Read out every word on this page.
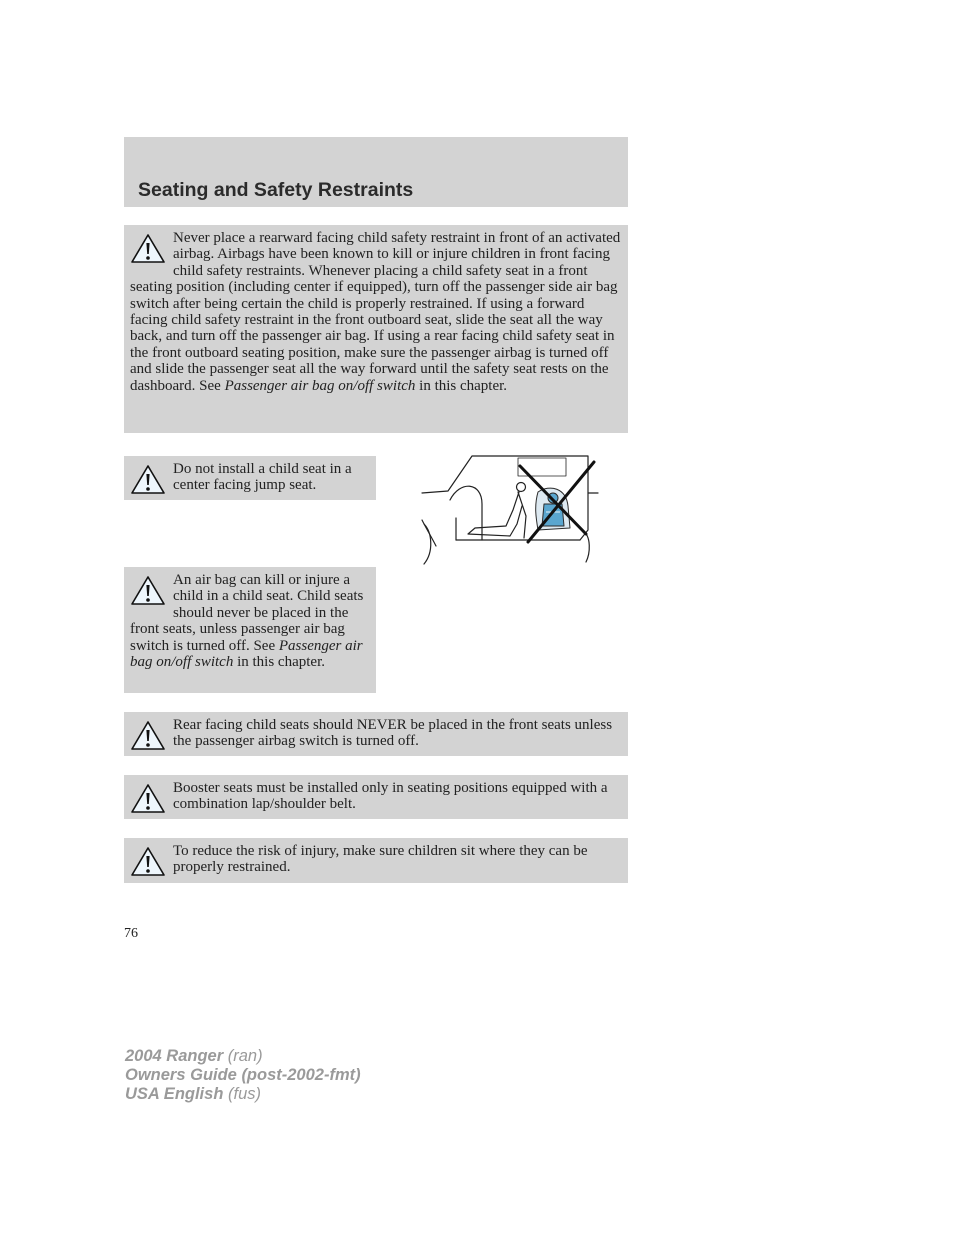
Seating and Safety Restraints

Never place a rearward facing child safety restraint in front of an activated airbag. Airbags have been known to kill or injure children in front facing child safety restraints. Whenever placing a child safety seat in a front seating position (including center if equipped), turn off the passenger side air bag switch after being certain the child is properly restrained. If using a forward facing child safety restraint in the front outboard seat, slide the seat all the way back, and turn off the passenger air bag. If using a rear facing child safety seat in the front outboard seating position, make sure the passenger airbag is turned off and slide the passenger seat all the way forward until the safety seat rests on the dashboard. See Passenger air bag on/off switch in this chapter.

Do not install a child seat in a center facing jump seat.

An air bag can kill or injure a child in a child seat. Child seats should never be placed in the front seats, unless passenger air bag switch is turned off. See Passenger air bag on/off switch in this chapter.

Rear facing child seats should NEVER be placed in the front seats unless the passenger airbag switch is turned off.

Booster seats must be installed only in seating positions equipped with a combination lap/shoulder belt.

To reduce the risk of injury, make sure children sit where they can be properly restrained.

76
2004 Ranger (ran)
Owners Guide (post-2002-fmt)
USA English (fus)
